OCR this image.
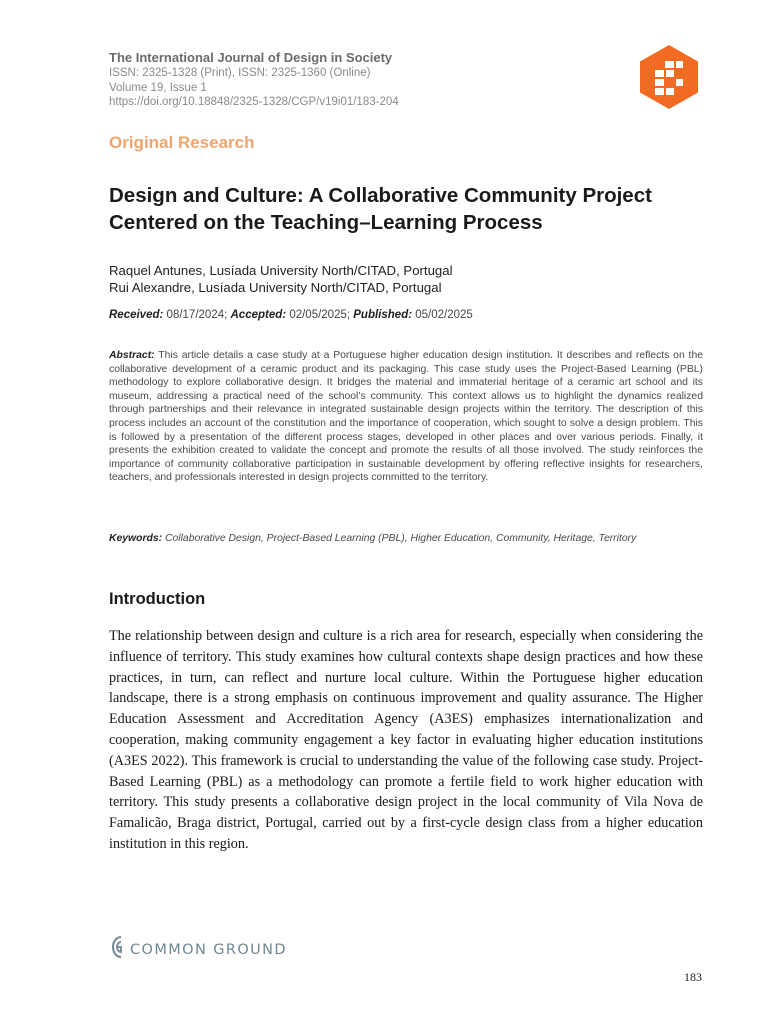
The International Journal of Design in Society
ISSN: 2325-1328 (Print), ISSN: 2325-1360 (Online)
Volume 19, Issue 1
https://doi.org/10.18848/2325-1328/CGP/v19i01/183-204
Original Research
Design and Culture: A Collaborative Community Project Centered on the Teaching–Learning Process
Raquel Antunes, Lusíada University North/CITAD, Portugal
Rui Alexandre, Lusíada University North/CITAD, Portugal
Received: 08/17/2024; Accepted: 02/05/2025; Published: 05/02/2025
Abstract: This article details a case study at a Portuguese higher education design institution. It describes and reflects on the collaborative development of a ceramic product and its packaging. This case study uses the Project-Based Learning (PBL) methodology to explore collaborative design. It bridges the material and immaterial heritage of a ceramic art school and its museum, addressing a practical need of the school’s community. This context allows us to highlight the dynamics realized through partnerships and their relevance in integrated sustainable design projects within the territory. The description of this process includes an account of the constitution and the importance of cooperation, which sought to solve a design problem. This is followed by a presentation of the different process stages, developed in other places and over various periods. Finally, it presents the exhibition created to validate the concept and promote the results of all those involved. The study reinforces the importance of community collaborative participation in sustainable development by offering reflective insights for researchers, teachers, and professionals interested in design projects committed to the territory.
Keywords: Collaborative Design, Project-Based Learning (PBL), Higher Education, Community, Heritage, Territory
Introduction
The relationship between design and culture is a rich area for research, especially when considering the influence of territory. This study examines how cultural contexts shape design practices and how these practices, in turn, can reflect and nurture local culture. Within the Portuguese higher education landscape, there is a strong emphasis on continuous improvement and quality assurance. The Higher Education Assessment and Accreditation Agency (A3ES) emphasizes internationalization and cooperation, making community engagement a key factor in evaluating higher education institutions (A3ES 2022). This framework is crucial to understanding the value of the following case study. Project-Based Learning (PBL) as a methodology can promote a fertile field to work higher education with territory. This study presents a collaborative design project in the local community of Vila Nova de Famalicão, Braga district, Portugal, carried out by a first-cycle design class from a higher education institution in this region.
COMMON GROUND
183
